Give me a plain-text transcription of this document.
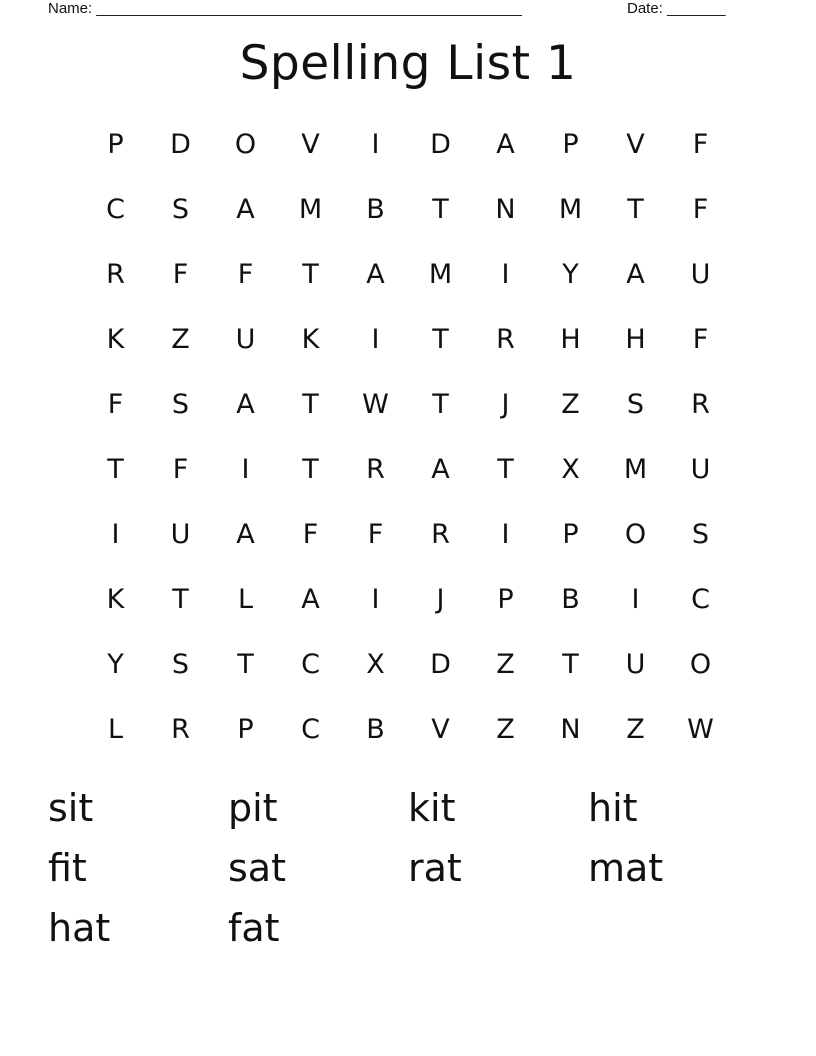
Name: ___________________________________________________	Date: _______
Spelling List 1
P	D	O	V	I	D	A	P	V	F
C	S	A	M	B	T	N	M	T	F
R	F	F	T	A	M	I	Y	A	U
K	Z	U	K	I	T	R	H	H	F
F	S	A	T	W	T	J	Z	S	R
T	F	I	T	R	A	T	X	M	U
I	U	A	F	F	R	I	P	O	S
K	T	L	A	I	J	P	B	I	C
Y	S	T	C	X	D	Z	T	U	O
L	R	P	C	B	V	Z	N	Z	W
sit	pit	kit	hit
fit	sat	rat	mat
hat	fat
